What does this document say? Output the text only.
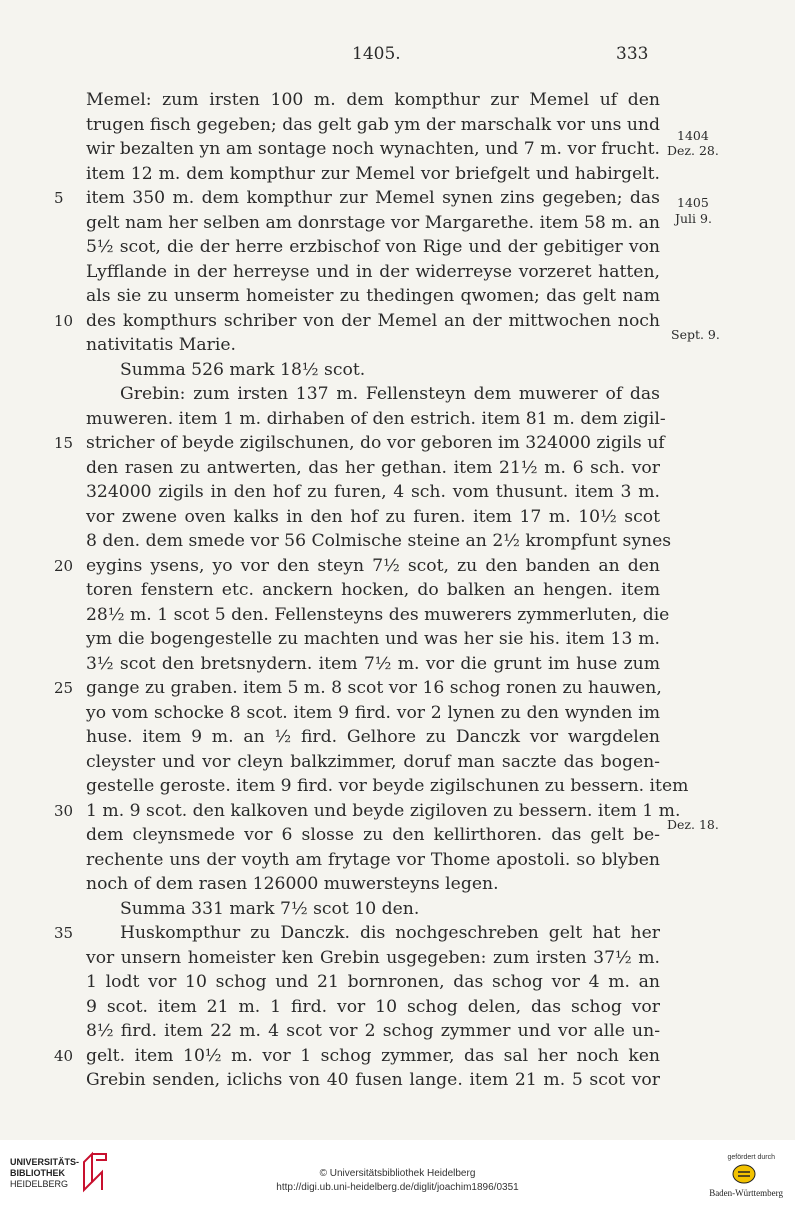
1405.	333
Memel: zum irsten 100 m. dem kompthur zur Memel uf den
trugen fisch gegeben; das gelt gab ym der marschalk vor uns und
wir bezalten yn am sontage noch wynachten, und 7 m. vor frucht.
item 12 m. dem kompthur zur Memel vor briefgelt und habirgelt.
5	item 350 m. dem kompthur zur Memel synen zins gegeben; das
gelt nam her selben am donrstage vor Margarethe. item 58 m. an
5½ scot, die der herre erzbischof von Rige und der gebitiger von
Lyfflande in der herreyse und in der widerreyse vorzeret hatten,
als sie zu unserm homeister zu thedingen qwomen; das gelt nam
10 des kompthurs schriber von der Memel an der mittwochen noch
nativitatis Marie.
Summa 526 mark 18½ scot.
Grebin: zum irsten 137 m. Fellensteyn dem muwerer of das
muweren. item 1 m. dirhaben of den estrich. item 81 m. dem zigil-
15 stricher of beyde zigilschunen, do vor geboren im 324000 zigils uf
den rasen zu antwerten, das her gethan. item 21½ m. 6 sch. vor
324000 zigils in den hof zu furen, 4 sch. vom thusunt. item 3 m.
vor zwene oven kalks in den hof zu furen. item 17 m. 10½ scot
8 den. dem smede vor 56 Colmische steine an 2½ krompfunt synes
20 eygins ysens, yo vor den steyn 7½ scot, zu den banden an den
toren fenstern etc. anckern hocken, do balken an hengen. item
28½ m. 1 scot 5 den. Fellensteyns des muwerers zymmerluten, die
ym die bogengestelle zu machten und was her sie his. item 13 m.
3½ scot den bretsnydern. item 7½ m. vor die grunt im huse zum
25 gange zu graben. item 5 m. 8 scot vor 16 schog ronen zu hauwen,
yo vom schocke 8 scot. item 9 fird. vor 2 lynen zu den wynden im
huse. item 9 m. an ½ fird. Gelhore zu Danczk vor wargdelen
cleyster und vor cleyn balkzimmer, doruf man saczte das bogen-
gestelle geroste. item 9 fird. vor beyde zigilschunen zu bessern. item
30 1 m. 9 scot. den kalkoven und beyde zigiloven zu bessern. item 1 m.
dem cleynsmede vor 6 slosse zu den kellirthoren. das gelt be-
rechente uns der voyth am frytage vor Thome apostoli. so blyben
noch of dem rasen 126000 muwersteyns legen.
Summa 331 mark 7½ scot 10 den.
35	Huskompthur zu Danczk. dis nochgeschreben gelt hat her
vor unsern homeister ken Grebin usgegeben: zum irsten 37½ m.
1 lodt vor 10 schog und 21 bornronen, das schog vor 4 m. an
9 scot. item 21 m. 1 fird. vor 10 schog delen, das schog vor
8½ fird. item 22 m. 4 scot vor 2 schog zymmer und vor alle un-
40 gelt. item 10½ m. vor 1 schog zymmer, das sal her noch ken
Grebin senden, iclichs von 40 fusen lange. item 21 m. 5 scot vor
1404
Dez. 28.
1405
Juli 9.
Sept. 9.
Dez. 18.
UNIVERSITÄTS-
BIBLIOTHEK
HEIDELBERG
© Universitätsbibliothek Heidelberg
http://digi.ub.uni-heidelberg.de/diglit/joachim1896/0351
gefördert durch
Baden-Württemberg
